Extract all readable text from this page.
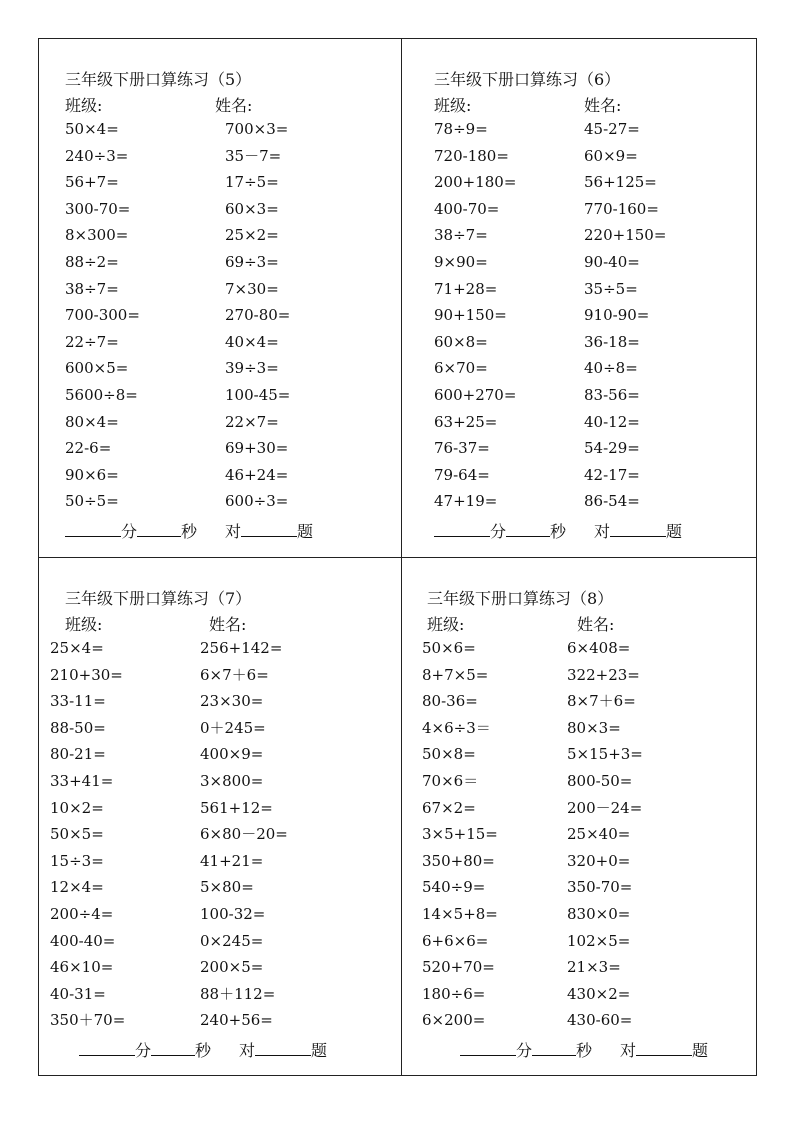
三年级下册口算练习（5）
班级:	姓名:
50×4=	700×3=
240÷3=	35－7=
56+7=	17÷5=
300-70=	60×3=
8×300=	25×2=
88÷2=	69÷3=
38÷7=	7×30=
700-300=	270-80=
22÷7=	40×4=
600×5=	39÷3=
5600÷8=	100-45=
80×4=	22×7=
22-6=	69+30=
90×6=	46+24=
50÷5=	600÷3=
分	秒 对	题
三年级下册口算练习（6）
班级:	姓名:
78÷9=	45-27=
720-180=	60×9=
200+180=	56+125=
400-70=	770-160=
38÷7=	220+150=
9×90=	90-40=
71+28=	35÷5=
90+150=	910-90=
60×8=	36-18=
6×70=	40÷8=
600+270=	83-56=
63+25=	40-12=
76-37=	54-29=
79-64=	42-17=
47+19=	86-54=
分	秒 对	题
三年级下册口算练习（7）
班级:	姓名:
25×4=	256+142=
210+30=	6×7＋6=
33-11=	23×30=
88-50=	0＋245=
80-21=	400×9=
33+41=	3×800=
10×2=	561+12=
50×5=	6×80－20=
15÷3=	41+21=
12×4=	5×80=
200÷4=	100-32=
400-40=	0×245=
46×10=	200×5=
40-31=	88＋112=
350＋70=	240+56=
分	秒 对	题
三年级下册口算练习（8）
班级:	姓名:
50×6=	6×408=
8+7×5=	322+23=
80-36=	8×7＋6=
4×6÷3＝	80×3=
50×8=	5×15+3=
70×6＝	800-50=
67×2=	200－24=
3×5+15=	25×40=
350+80=	320+0=
540÷9=	350-70=
14×5+8=	830×0=
6+6×6=	102×5=
520+70=	21×3=
180÷6=	430×2=
6×200=	430-60=
分	秒 对	题
